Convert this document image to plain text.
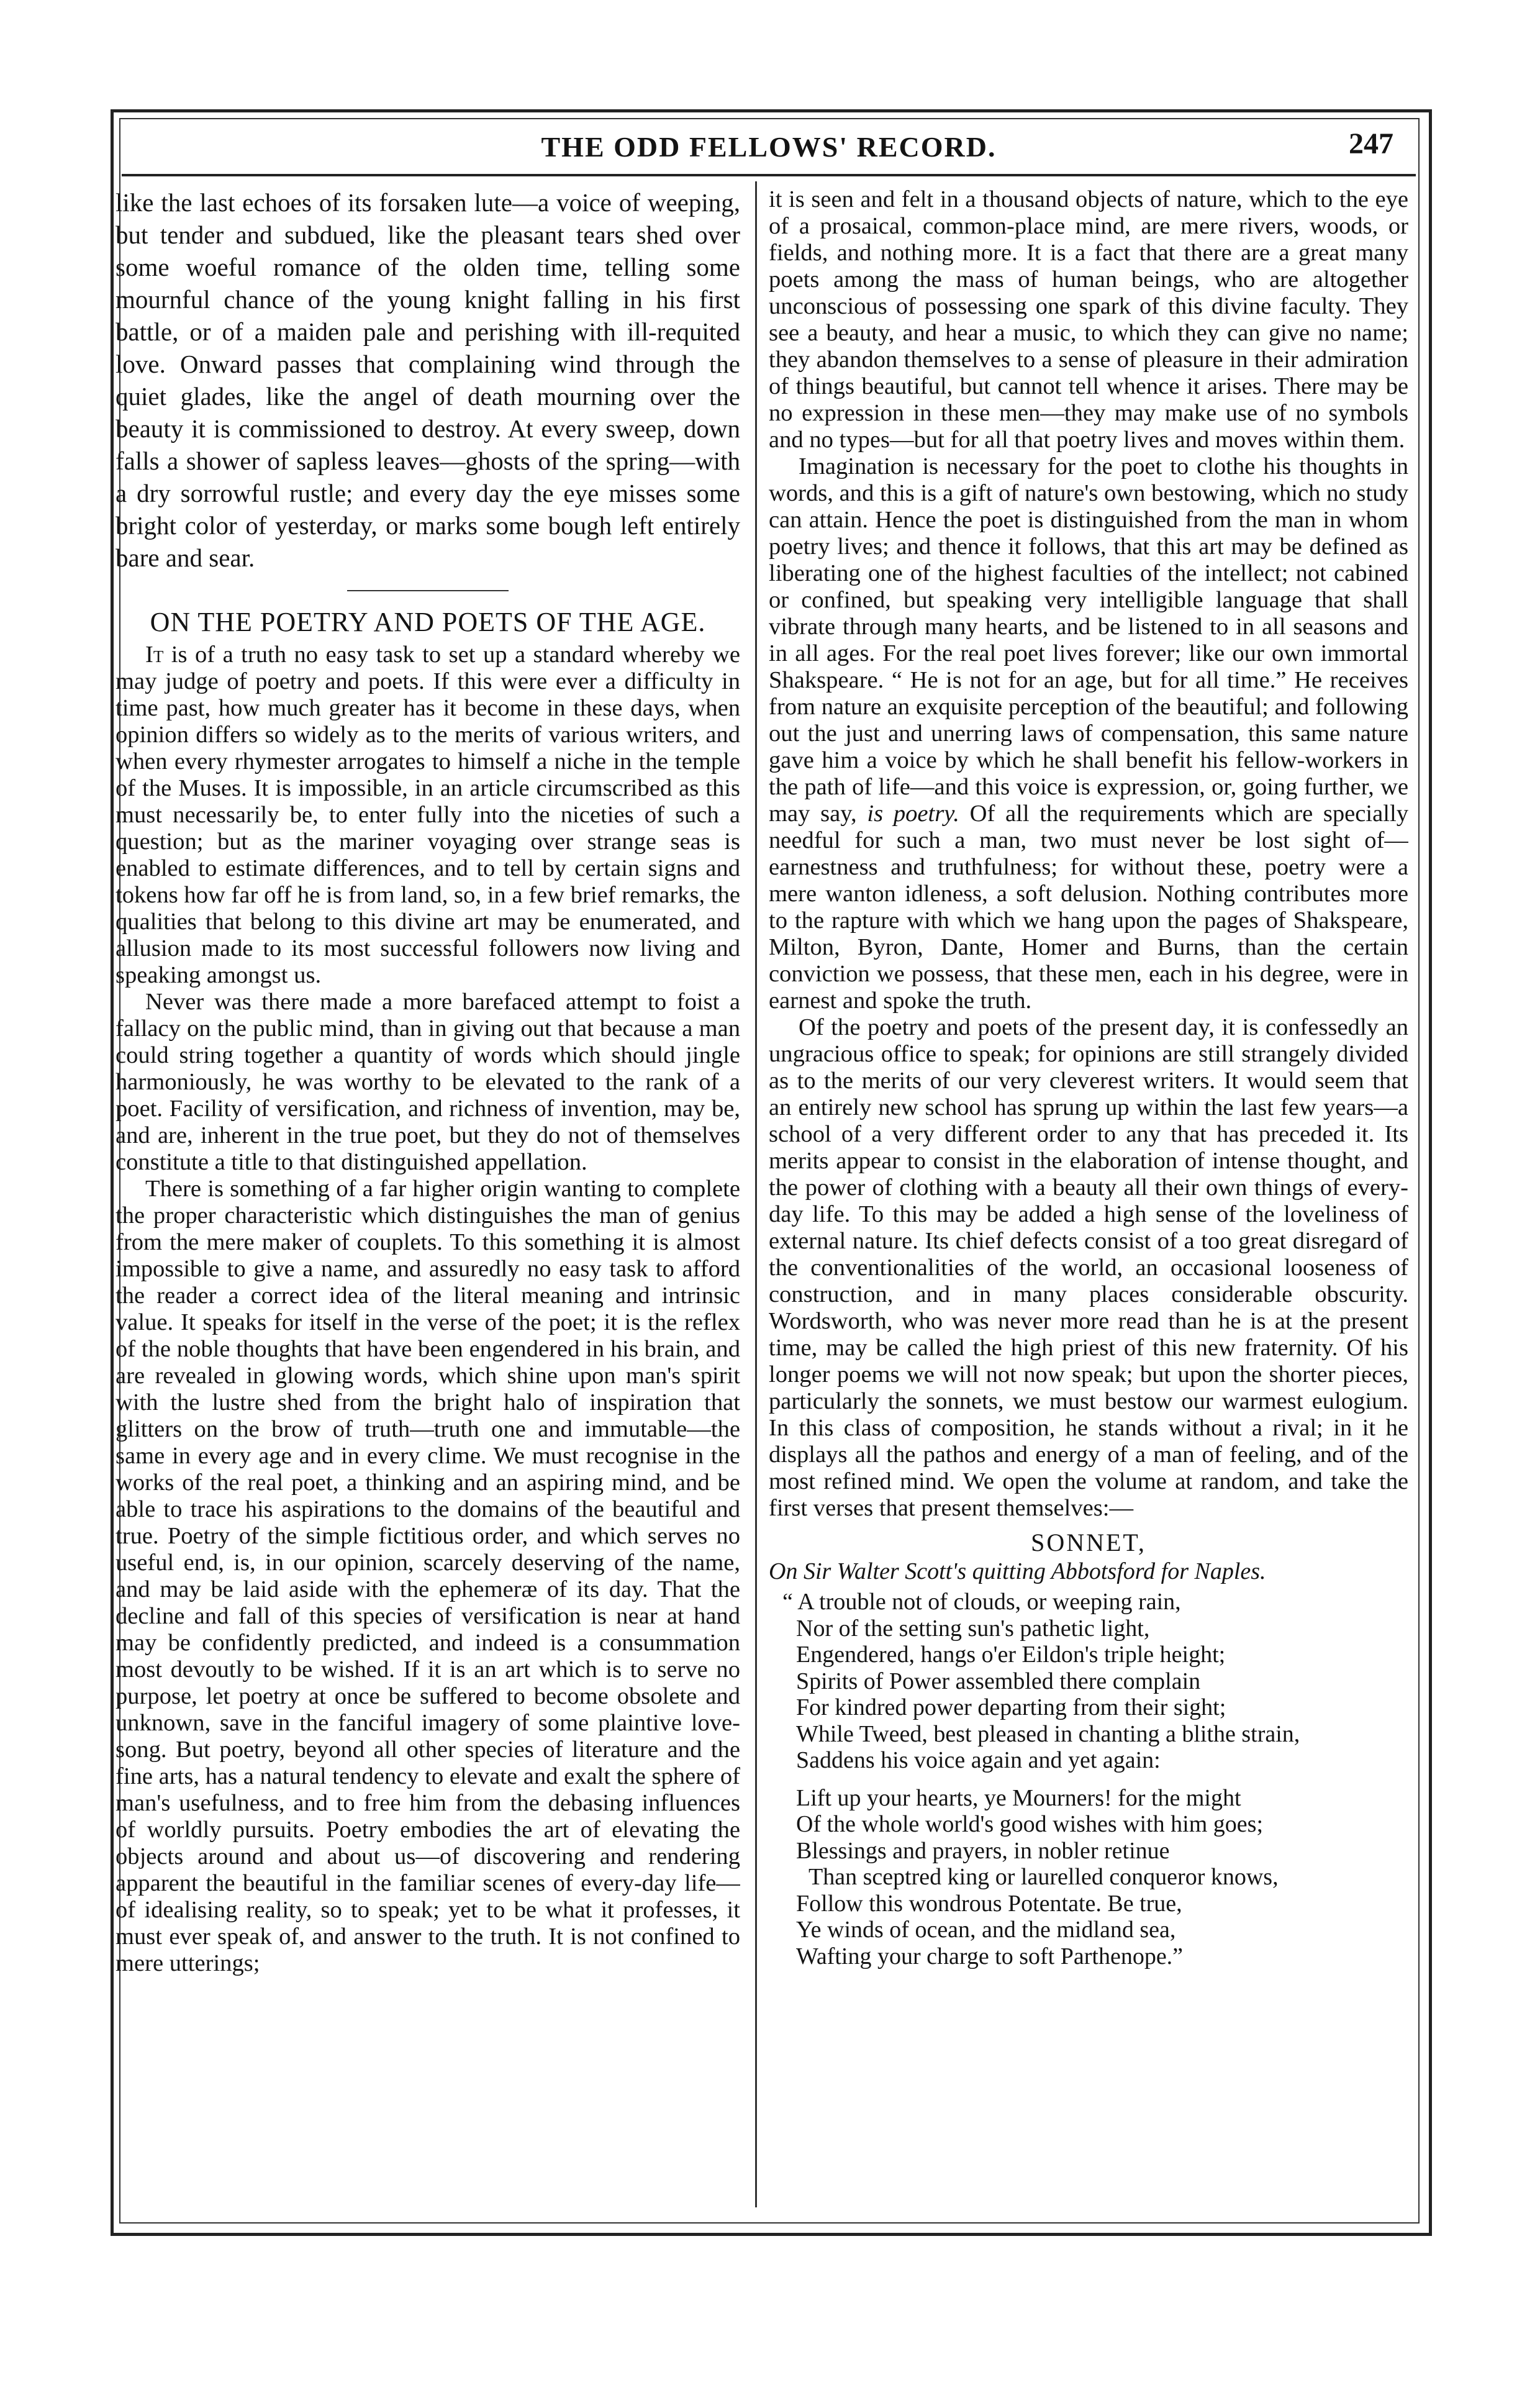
THE ODD FELLOWS' RECORD.	247

like the last echoes of its forsaken lute—a voice of weeping, but tender and subdued, like the pleasant tears shed over some woeful romance of the olden time, telling some mournful chance of the young knight falling in his first battle, or of a maiden pale and perishing with ill-requited love. Onward passes that complaining wind through the quiet glades, like the angel of death mourning over the beauty it is commissioned to destroy. At every sweep, down falls a shower of sapless leaves—ghosts of the spring—with a dry sorrowful rustle; and every day the eye misses some bright color of yesterday, or marks some bough left entirely bare and sear.

ON THE POETRY AND POETS OF THE AGE.

It is of a truth no easy task to set up a standard whereby we may judge of poetry and poets. If this were ever a difficulty in time past, how much greater has it become in these days, when opinion differs so widely as to the merits of various writers, and when every rhymester arrogates to himself a niche in the temple of the Muses. It is impossible, in an article circumscribed as this must necessarily be, to enter fully into the niceties of such a question; but as the mariner voyaging over strange seas is enabled to estimate differences, and to tell by certain signs and tokens how far off he is from land, so, in a few brief remarks, the qualities that belong to this divine art may be enumerated, and allusion made to its most successful followers now living and speaking amongst us.

Never was there made a more barefaced attempt to foist a fallacy on the public mind, than in giving out that because a man could string together a quantity of words which should jingle harmoniously, he was worthy to be elevated to the rank of a poet. Facility of versification, and richness of invention, may be, and are, inherent in the true poet, but they do not of themselves constitute a title to that distinguished appellation.

There is something of a far higher origin wanting to complete the proper characteristic which distinguishes the man of genius from the mere maker of couplets. To this something it is almost impossible to give a name, and assuredly no easy task to afford the reader a correct idea of the literal meaning and intrinsic value. It speaks for itself in the verse of the poet; it is the reflex of the noble thoughts that have been engendered in his brain, and are revealed in glowing words, which shine upon man's spirit with the lustre shed from the bright halo of inspiration that glitters on the brow of truth—truth one and immutable—the same in every age and in every clime. We must recognise in the works of the real poet, a thinking and an aspiring mind, and be able to trace his aspirations to the domains of the beautiful and true. Poetry of the simple fictitious order, and which serves no useful end, is, in our opinion, scarcely deserving of the name, and may be laid aside with the ephemeræ of its day. That the decline and fall of this species of versification is near at hand may be confidently predicted, and indeed is a consummation most devoutly to be wished. If it is an art which is to serve no purpose, let poetry at once be suffered to become obsolete and unknown, save in the fanciful imagery of some plaintive love-song. But poetry, beyond all other species of literature and the fine arts, has a natural tendency to elevate and exalt the sphere of man's usefulness, and to free him from the debasing influences of worldly pursuits. Poetry embodies the art of elevating the objects around and about us—of discovering and rendering apparent the beautiful in the familiar scenes of every-day life—of idealising reality, so to speak; yet to be what it professes, it must ever speak of, and answer to the truth. It is not confined to mere utterings;

it is seen and felt in a thousand objects of nature, which to the eye of a prosaical, common-place mind, are mere rivers, woods, or fields, and nothing more. It is a fact that there are a great many poets among the mass of human beings, who are altogether unconscious of possessing one spark of this divine faculty. They see a beauty, and hear a music, to which they can give no name; they abandon themselves to a sense of pleasure in their admiration of things beautiful, but cannot tell whence it arises. There may be no expression in these men—they may make use of no symbols and no types—but for all that poetry lives and moves within them.

Imagination is necessary for the poet to clothe his thoughts in words, and this is a gift of nature's own bestowing, which no study can attain. Hence the poet is distinguished from the man in whom poetry lives; and thence it follows, that this art may be defined as liberating one of the highest faculties of the intellect; not cabined or confined, but speaking very intelligible language that shall vibrate through many hearts, and be listened to in all seasons and in all ages. For the real poet lives forever; like our own immortal Shakspeare. “ He is not for an age, but for all time.” He receives from nature an exquisite perception of the beautiful; and following out the just and unerring laws of compensation, this same nature gave him a voice by which he shall benefit his fellow-workers in the path of life—and this voice is expression, or, going further, we may say, is poetry. Of all the requirements which are specially needful for such a man, two must never be lost sight of—earnestness and truthfulness; for without these, poetry were a mere wanton idleness, a soft delusion. Nothing contributes more to the rapture with which we hang upon the pages of Shakspeare, Milton, Byron, Dante, Homer and Burns, than the certain conviction we possess, that these men, each in his degree, were in earnest and spoke the truth.

Of the poetry and poets of the present day, it is confessedly an ungracious office to speak; for opinions are still strangely divided as to the merits of our very cleverest writers. It would seem that an entirely new school has sprung up within the last few years—a school of a very different order to any that has preceded it. Its merits appear to consist in the elaboration of intense thought, and the power of clothing with a beauty all their own things of every-day life. To this may be added a high sense of the loveliness of external nature. Its chief defects consist of a too great disregard of the conventionalities of the world, an occasional looseness of construction, and in many places considerable obscurity. Wordsworth, who was never more read than he is at the present time, may be called the high priest of this new fraternity. Of his longer poems we will not now speak; but upon the shorter pieces, particularly the sonnets, we must bestow our warmest eulogium. In this class of composition, he stands without a rival; in it he displays all the pathos and energy of a man of feeling, and of the most refined mind. We open the volume at random, and take the first verses that present themselves:—

SONNET,
On Sir Walter Scott's quitting Abbotsford for Naples.
“ A trouble not of clouds, or weeping rain,
Nor of the setting sun's pathetic light,
Engendered, hangs o'er Eildon's triple height;
Spirits of Power assembled there complain
For kindred power departing from their sight;
While Tweed, best pleased in chanting a blithe strain,
Saddens his voice again and yet again:
Lift up your hearts, ye Mourners! for the might
Of the whole world's good wishes with him goes;
Blessings and prayers, in nobler retinue
Than sceptred king or laurelled conqueror knows,
Follow this wondrous Potentate. Be true,
Ye winds of ocean, and the midland sea,
Wafting your charge to soft Parthenope.”
